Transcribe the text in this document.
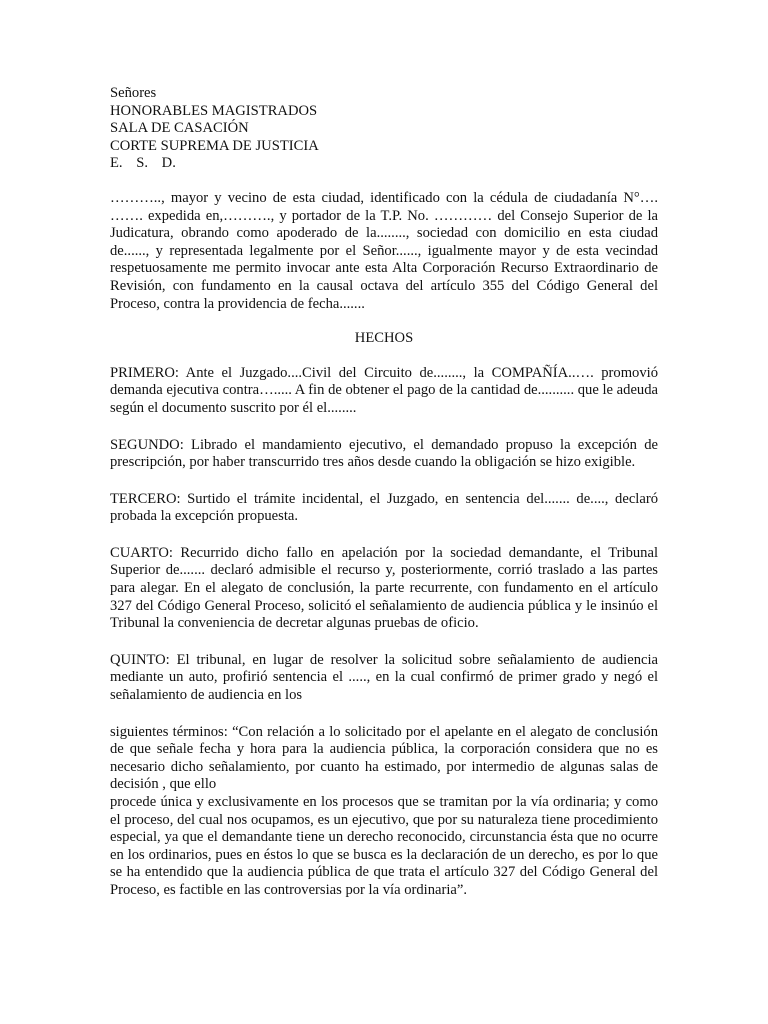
Señores
HONORABLES MAGISTRADOS
SALA DE CASACIÓN
CORTE SUPREMA DE JUSTICIA
E. S. D.

……….., mayor y vecino de esta ciudad, identificado con la cédula de ciudadanía N°…. ……. expedida en,………., y portador de la T.P. No. ………… del Consejo Superior de la Judicatura, obrando como apoderado de la........, sociedad con domicilio en esta ciudad de......, y representada legalmente por el Señor......, igualmente mayor y de esta vecindad respetuosamente me permito invocar ante esta Alta Corporación Recurso Extraordinario de Revisión, con fundamento en la causal octava del artículo 355 del Código General del Proceso, contra la providencia de fecha.......

HECHOS

PRIMERO: Ante el Juzgado....Civil del Circuito de........, la COMPAÑÍA..…. promovió demanda ejecutiva contra…..... A fin de obtener el pago de la cantidad de.......... que le adeuda según el documento suscrito por él el........

SEGUNDO: Librado el mandamiento ejecutivo, el demandado propuso la excepción de prescripción, por haber transcurrido tres años desde cuando la obligación se hizo exigible.

TERCERO: Surtido el trámite incidental, el Juzgado, en sentencia del....... de...., declaró probada la excepción propuesta.

CUARTO: Recurrido dicho fallo en apelación por la sociedad demandante, el Tribunal Superior de....... declaró admisible el recurso y, posteriormente, corrió traslado a las partes para alegar. En el alegato de conclusión, la parte recurrente, con fundamento en el artículo 327 del Código General Proceso, solicitó el señalamiento de audiencia pública y le insinúo el Tribunal la conveniencia de decretar algunas pruebas de oficio.

QUINTO: El tribunal, en lugar de resolver la solicitud sobre señalamiento de audiencia mediante un auto, profirió sentencia el ....., en la cual confirmó de primer grado y negó el señalamiento de audiencia en los

siguientes términos: “Con relación a lo solicitado por el apelante en el alegato de conclusión de que señale fecha y hora para la audiencia pública, la corporación considera que no es necesario dicho señalamiento, por cuanto ha estimado, por intermedio de algunas salas de decisión , que ello

procede única y exclusivamente en los procesos que se tramitan por la vía ordinaria; y como el proceso, del cual nos ocupamos, es un ejecutivo, que por su naturaleza tiene procedimiento especial, ya que el demandante tiene un derecho reconocido, circunstancia ésta que no ocurre en los ordinarios, pues en éstos lo que se busca es la declaración de un derecho, es por lo que se ha entendido que la audiencia pública de que trata el artículo 327 del Código General del Proceso, es factible en las controversias por la vía ordinaria”.
